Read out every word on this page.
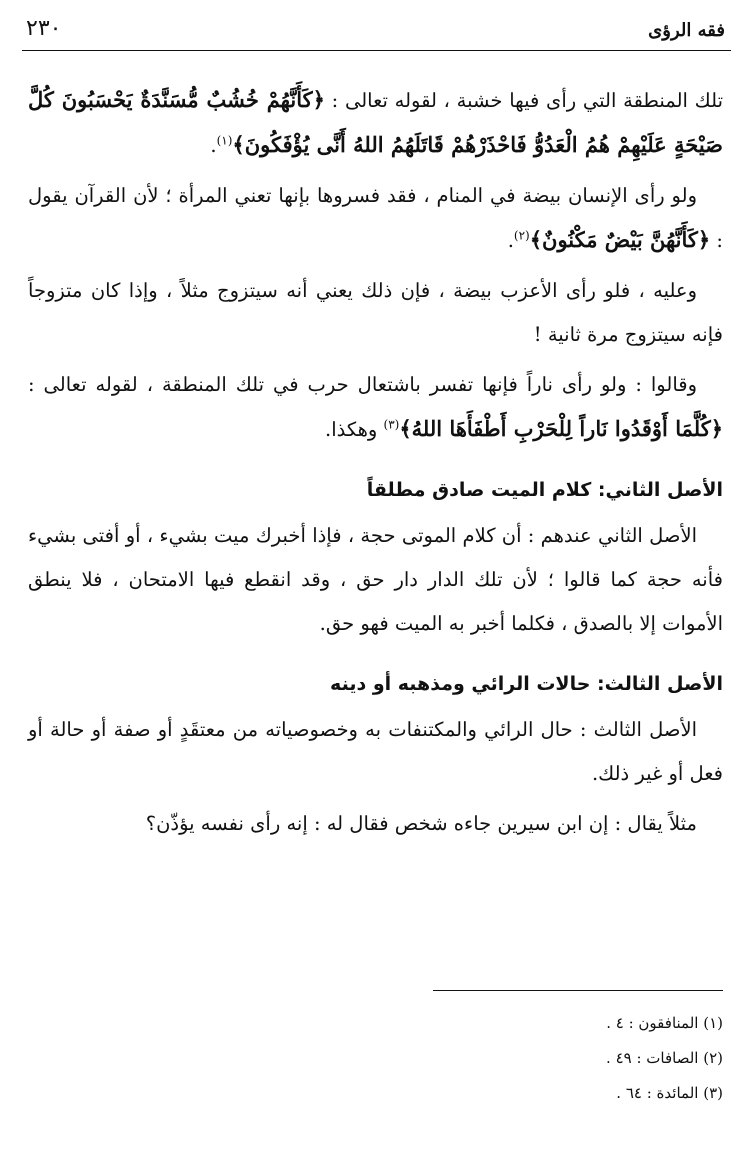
فقه الرؤى
٢٣٠

تلك المنطقة التي رأى فيها خشبة ، لقوله تعالى : ﴿كَأَنَّهُمْ خُشُبٌ مُّسَنَّدَةٌ يَحْسَبُونَ كُلَّ صَيْحَةٍ عَلَيْهِمْ هُمُ الْعَدُوُّ فَاحْذَرْهُمْ قَاتَلَهُمُ اللهُ أَنَّى يُؤْفَكُونَ﴾$^{(١)}$.

ولو رأى الإنسان بيضة في المنام ، فقد فسروها بإنها تعني المرأة ؛ لأن القرآن يقول : ﴿كَأَنَّهُنَّ بَيْضٌ مَكْنُونٌ﴾$^{(٢)}$.

وعليه ، فلو رأى الأعزب بيضة ، فإن ذلك يعني أنه سيتزوج مثلاً ، وإذا كان متزوجاً فإنه سيتزوج مرة ثانية !

وقالوا : ولو رأى ناراً فإنها تفسر باشتعال حرب في تلك المنطقة ، لقوله تعالى : ﴿كُلَّمَا أَوْقَدُوا نَاراً لِلْحَرْبِ أَطْفَأَهَا اللهُ﴾$^{(٣)}$ وهكذا.

الأصل الثاني: كلام الميت صادق مطلقاً

الأصل الثاني عندهم : أن كلام الموتى حجة ، فإذا أخبرك ميت بشيء ، أو أفتى بشيء فأنه حجة كما قالوا ؛ لأن تلك الدار دار حق ، وقد انقطع فيها الامتحان ، فلا ينطق الأموات إلا بالصدق ، فكلما أخبر به الميت فهو حق.

الأصل الثالث: حالات الرائي ومذهبه أو دينه

الأصل الثالث : حال الرائي والمكتنفات به وخصوصياته من معتقَدٍ أو صفة أو حالة أو فعل أو غير ذلك.

مثلاً يقال : إن ابن سيرين جاءه شخص فقال له : إنه رأى نفسه يؤذّن؟

(١) المنافقون : ٤ .
(٢) الصافات : ٤٩ .
(٣) المائدة : ٦٤ .
